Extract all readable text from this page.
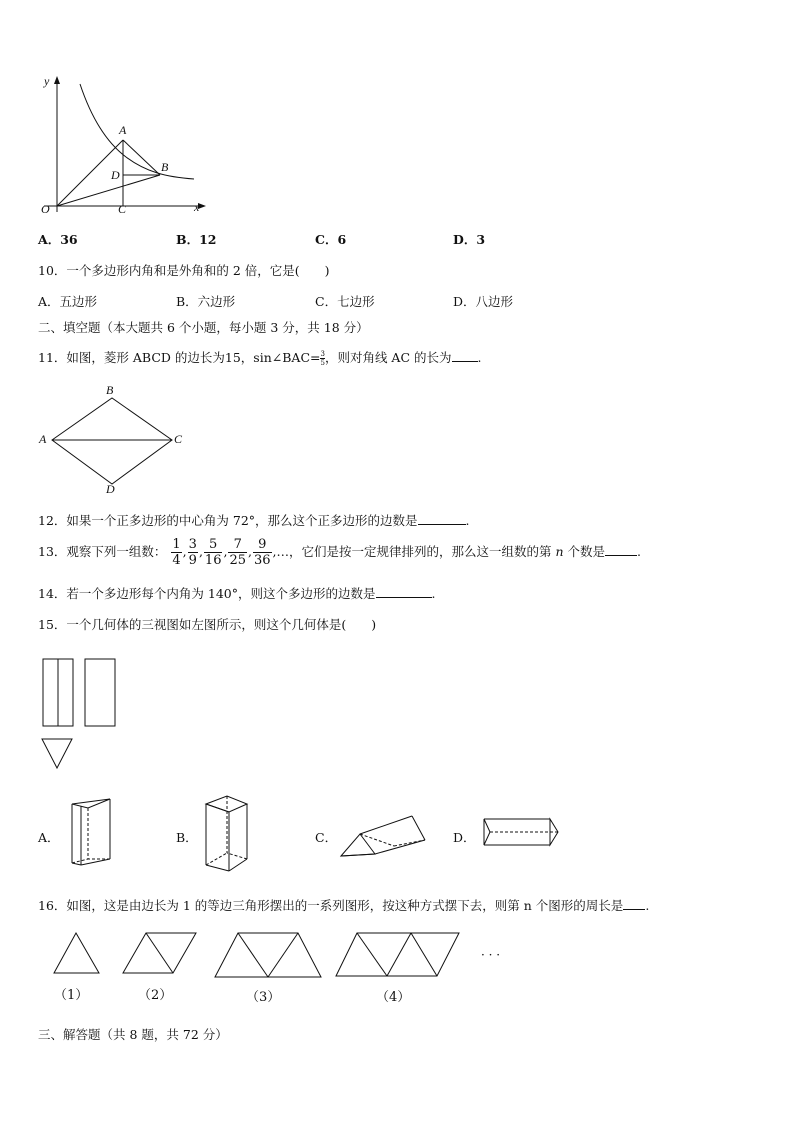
y
x
O
A
B
C
D
A．36	B．12	C．6	D．3
10．一个多边形内角和是外角和的 2 倍，它是(　　)
A．五边形	B．六边形	C．七边形	D．八边形
二、填空题（本大题共 6 个小题，每小题 3 分，共 18 分）
11．如图，菱形 ABCD 的边长为15，sin∠BAC= $\frac{3}{5}$，则对角线 AC 的长为 .
A
B
C
D
12．如果一个正多边形的中心角为 72°，那么这个正多边形的边数是	.
13．观察下列一组数： $\frac{1}{4}$ , $\frac{3}{9}$ , $\frac{5}{16}$ , $\frac{7}{25}$ , $\frac{9}{36}$ ,…，它们是按一定规律排列的，那么这一组数的第 n 个数是	.
14．若一个多边形每个内角为 140°，则这个多边形的边数是	.
15．一个几何体的三视图如左图所示，则这个几何体是(　　)
A．	B．	C．	D．
16．如图，这是由边长为 1 的等边三角形摆出的一系列图形，按这种方式摆下去，则第 n 个图形的周长是 .
· · ·
（1）	（2）	（3）	（4）
三、解答题（共 8 题，共 72 分）
